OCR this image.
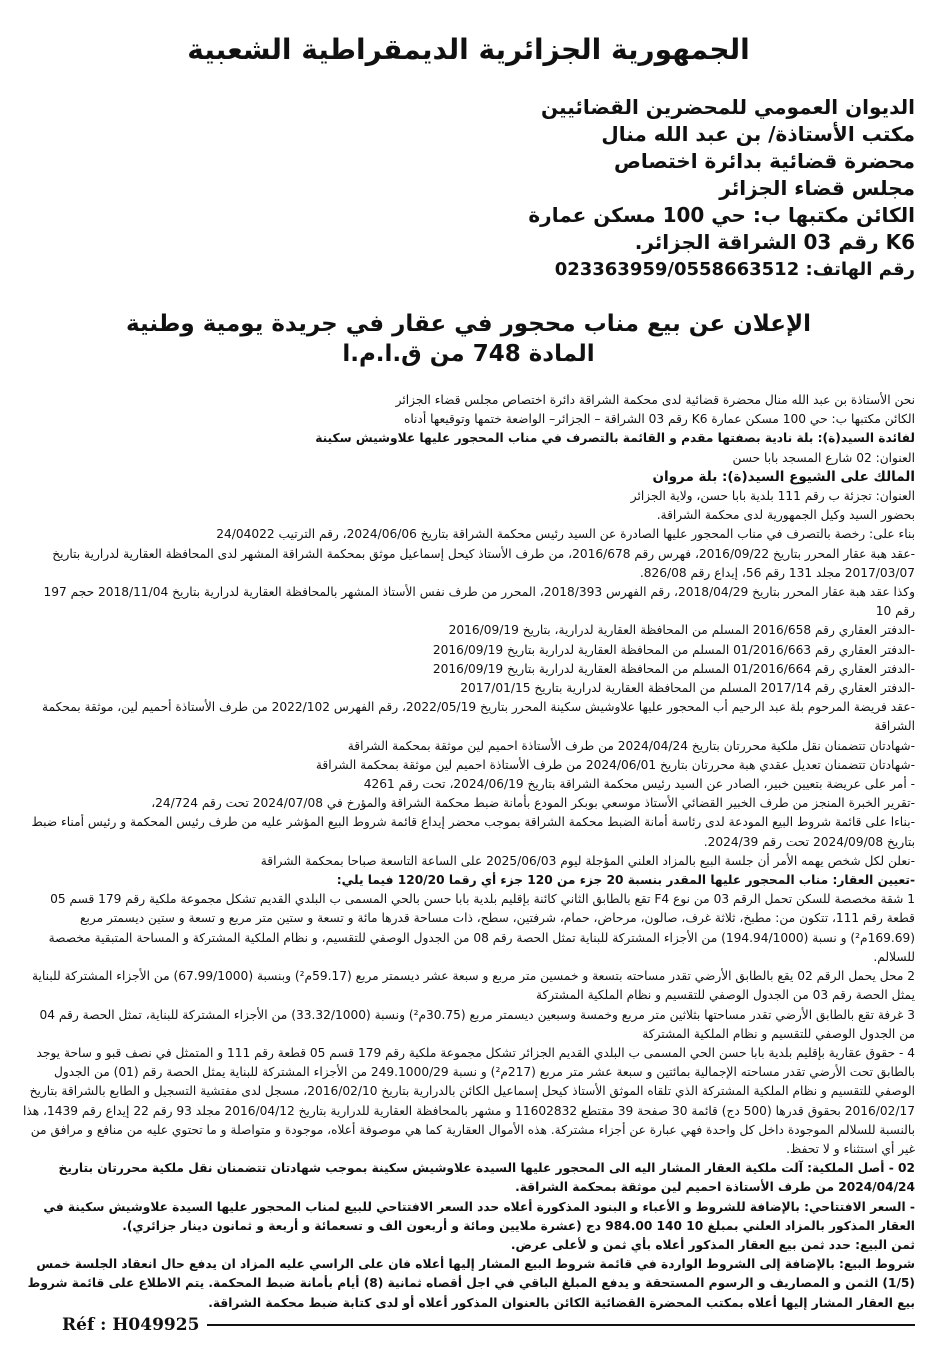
الجمهورية الجزائرية الديمقراطية الشعبية
الديوان العمومي للمحضرين القضائيين
مكتب الأستاذة/ بن عبد الله منال
محضرة قضائية بدائرة اختصاص
مجلس قضاء الجزائر
الكائن مكتبها ب: حي 100 مسكن عمارة
K6 رقم 03 الشراقة الجزائر.
رقم الهاتف: 023363959/0558663512
الإعلان عن بيع مناب محجور في عقار في جريدة يومية وطنية
المادة 748 من ق.ا.م.ا

نحن الأستاذة بن عبد الله منال محضرة قضائية لدى محكمة الشراقة دائرة اختصاص مجلس قضاء الجزائر

الكائن مكتبها ب: حي 100 مسكن عمارة K6 رقم 03 الشراقة – الجزائر– الواضعة ختمها وتوقيعها أدناه

لفائدة السيد(ة): بلة نادية بصفتها مقدم و القائمة بالتصرف في مناب المحجور عليها علاوشيش سكينة

العنوان: 02 شارع المسجد بابا حسن

المالك على الشيوع السيد(ة): بلة مروان

العنوان: تجزئة ب رقم 111 بلدية بابا حسن، ولاية الجزائر

بحضور السيد وكيل الجمهورية لدى محكمة الشراقة.

بناء على: رخصة بالتصرف في مناب المحجور عليها الصادرة عن السيد رئيس محكمة الشراقة بتاريخ 2024/06/06، رقم الترتيب 24/04022

-عقد هبة عقار المحرر بتاريخ 2016/09/22، فهرس رقم 2016/678، من طرف الأستاذ كيحل إسماعيل موثق بمحكمة الشراقة المشهر لدى المحافظة العقارية لدرارية بتاريخ 2017/03/07 مجلد 131 رقم 56، إيداع رقم 826/08.

وكذا عقد هبة عقار المحرر بتاريخ 2018/04/29، رقم الفهرس 2018/393، المحرر من طرف نفس الأستاذ المشهر بالمحافظة العقارية لدرارية بتاريخ 2018/11/04 حجم 197 رقم 10

-الدفتر العقاري رقم 2016/658 المسلم من المحافظة العقارية لدرارية، بتاريخ 2016/09/19

-الدفتر العقاري رقم 01/2016/663 المسلم من المحافظة العقارية لدرارية بتاريخ 2016/09/19

-الدفتر العقاري رقم 01/2016/664 المسلم من المحافظة العقارية لدرارية بتاريخ 2016/09/19

-الدفتر العقاري رقم 2017/14 المسلم من المحافظة العقارية لدرارية بتاريخ 2017/01/15

-عقد فريضة المرحوم بلة عبد الرحيم أب المحجور عليها علاوشيش سكينة المحرر بتاريخ 2022/05/19، رقم الفهرس 2022/102 من طرف الأستاذة أحميم لين، موثقة بمحكمة الشراقة

-شهادتان تتضمنان نقل ملكية محررتان بتاريخ 2024/04/24 من طرف الأستاذة احميم لين موثقة بمحكمة الشراقة

-شهادتان تتضمنان تعديل عقدي هبة محررتان بتاريخ 2024/06/01 من طرف الأستاذة احميم لين موثقة بمحكمة الشراقة

- أمر على عريضة بتعيين خبير، الصادر عن السيد رئيس محكمة الشراقة بتاريخ 2024/06/19، تحت رقم 4261

-تقرير الخبرة المنجز من طرف الخبير القضائي الأستاذ موسعي بوبكر المودع بأمانة ضبط محكمة الشراقة والمؤرخ في 2024/07/08 تحت رقم 24/724،

-بناءا على قائمة شروط البيع المودعة لدى رئاسة أمانة الضبط محكمة الشراقة بموجب محضر إيداع قائمة شروط البيع المؤشر عليه من طرف رئيس المحكمة و رئيس أمناء ضبط بتاريخ 2024/09/08 تحت رقم 2024/39.

-نعلن لكل شخص يهمه الأمر أن جلسة البيع بالمزاد العلني المؤجلة ليوم 2025/06/03 على الساعة التاسعة صباحا بمحكمة الشراقة

-تعيين العقار: مناب المحجور عليها المقدر بنسبة 20 جزء من 120 جزء أي رقما 120/20 فيما يلي:

1 شقة مخصصة للسكن تحمل الرقم 03 من نوع F4 تقع بالطابق الثاني كائنة بإقليم بلدية بابا حسن بالحي المسمى ب البلدي القديم تشكل مجموعة ملكية رقم 179 قسم 05 قطعة رقم 111، تتكون من: مطبخ، ثلاثة غرف، صالون، مرحاض، حمام، شرفتين، سطح، ذات مساحة قدرها مائة و تسعة و ستين متر مربع و تسعة و ستين ديسمتر مربع (169.69م²) و نسبة (194.94/1000) من الأجزاء المشتركة للبناية تمثل الحصة رقم 08 من الجدول الوصفي للتقسيم، و نظام الملكية المشتركة و المساحة المتبقية مخصصة للسلالم.

2 محل يحمل الرقم 02 يقع بالطابق الأرضي تقدر مساحته بتسعة و خمسين متر مربع و سبعة عشر ديسمتر مربع (59.17م²) وبنسبة (67.99/1000) من الأجزاء المشتركة للبناية يمثل الحصة رقم 03 من الجدول الوصفي للتقسيم و نظام الملكية المشتركة

3 غرفة تقع بالطابق الأرضي تقدر مساحتها بثلاثين متر مربع وخمسة وسبعين ديسمتر مربع (30.75م²) ونسبة (33.32/1000) من الأجزاء المشتركة للبناية، تمثل الحصة رقم 04 من الجدول الوصفي للتقسيم و نظام الملكية المشتركة

4 - حقوق عقارية بإقليم بلدية بابا حسن الحي المسمى ب البلدي القديم الجزائر تشكل مجموعة ملكية رقم 179 قسم 05 قطعة رقم 111 و المتمثل في نصف قبو و ساحة يوجد بالطابق تحت الأرضي تقدر مساحته الإجمالية بمائتين و سبعة عشر متر مربع (217م²) و نسبة 249.1000/29 من الأجزاء المشتركة للبناية يمثل الحصة رقم (01) من الجدول الوصفي للتقسيم و نظام الملكية المشتركة الذي تلقاه الموثق الأستاذ كيحل إسماعيل الكائن بالدرارية بتاريخ 2016/02/10، مسجل لدى مفتشية التسجيل و الطابع بالشراقة بتاريخ 2016/02/17 بحقوق قدرها (500 دج) قائمة 30 صفحة 39 مقتطع 11602832 و مشهر بالمحافظة العقارية للدرارية بتاريخ 2016/04/12 مجلد 93 رقم 22 إيداع رقم 1439، هذا بالنسبة للسلالم الموجودة داخل كل واحدة فهي عبارة عن أجزاء مشتركة. هذه الأموال العقارية كما هي موصوفة أعلاه، موجودة و متواصلة و ما تحتوي عليه من منافع و مرافق من غير أي استثناء و لا تحفظ.

02 - أصل الملكية: آلت ملكية العقار المشار اليه الى المحجور عليها السيدة علاوشيش سكينة بموجب شهادتان تتضمنان نقل ملكية محررتان بتاريخ 2024/04/24 من طرف الأستاذة احميم لين موثقة بمحكمة الشراقة.

- السعر الافتتاحي: بالإضافة للشروط و الأعباء و البنود المذكورة أعلاه حدد السعر الافتتاحي للبيع لمناب المحجور عليها السيدة علاوشيش سكينة في العقار المذكور بالمزاد العلني بمبلغ 10 140 984.00 دج (عشرة ملايين ومائة و أربعون الف و تسعمائة و أربعة و ثمانون دينار جزائري).

ثمن البيع: حدد ثمن بيع العقار المذكور أعلاه بأي ثمن و لأعلى عرض.

شروط البيع: بالإضافة إلى الشروط الواردة في قائمة شروط البيع المشار إليها أعلاه فان على الراسي عليه المزاد ان يدفع حال انعقاد الجلسة خمس (1/5) الثمن و المصاريف و الرسوم المستحقة و يدفع المبلغ الباقي في اجل أقصاه ثمانية (8) أيام بأمانة ضبط المحكمة. يتم الاطلاع على قائمة شروط بيع العقار المشار إليها أعلاه بمكتب المحضرة القضائية الكائن بالعنوان المذكور أعلاه أو لدى كتابة ضبط محكمة الشراقة.

Réf : H049925
